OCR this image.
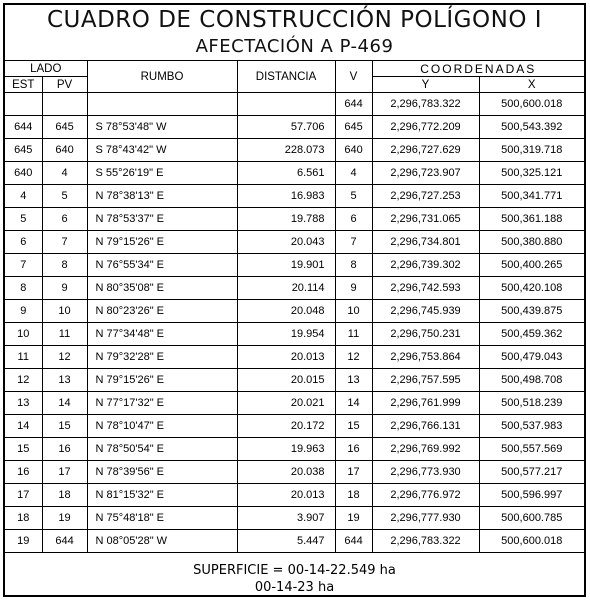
CUADRO DE CONSTRUCCIÓN POLÍGONO I
AFECTACIÓN A P-469
LADO		RUMBO	DISTANCIA	V	COORDENADAS	
EST	PV				Y	X
				644	2,296,783.322	500,600.018
644	645	S 78°53'48" W	57.706	645	2,296,772.209	500,543.392
645	640	S 78°43'42" W	228.073	640	2,296,727.629	500,319.718
640	4	S 55°26'19" E	6.561	4	2,296,723.907	500,325.121
4	5	N 78°38'13" E	16.983	5	2,296,727.253	500,341.771
5	6	N 78°53'37" E	19.788	6	2,296,731.065	500,361.188
6	7	N 79°15'26" E	20.043	7	2,296,734.801	500,380.880
7	8	N 76°55'34" E	19.901	8	2,296,739.302	500,400.265
8	9	N 80°35'08" E	20.114	9	2,296,742.593	500,420.108
9	10	N 80°23'26" E	20.048	10	2,296,745.939	500,439.875
10	11	N 77°34'48" E	19.954	11	2,296,750.231	500,459.362
11	12	N 79°32'28" E	20.013	12	2,296,753.864	500,479.043
12	13	N 79°15'26" E	20.015	13	2,296,757.595	500,498.708
13	14	N 77°17'32" E	20.021	14	2,296,761.999	500,518.239
14	15	N 78°10'47" E	20.172	15	2,296,766.131	500,537.983
15	16	N 78°50'54" E	19.963	16	2,296,769.992	500,557.569
16	17	N 78°39'56" E	20.038	17	2,296,773.930	500,577.217
17	18	N 81°15'32" E	20.013	18	2,296,776.972	500,596.997
18	19	N 75°48'18" E	3.907	19	2,296,777.930	500,600.785
19	644	N 08°05'28" W	5.447	644	2,296,783.322	500,600.018
SUPERFICIE = 00-14-22.549 ha
00-14-23 ha
